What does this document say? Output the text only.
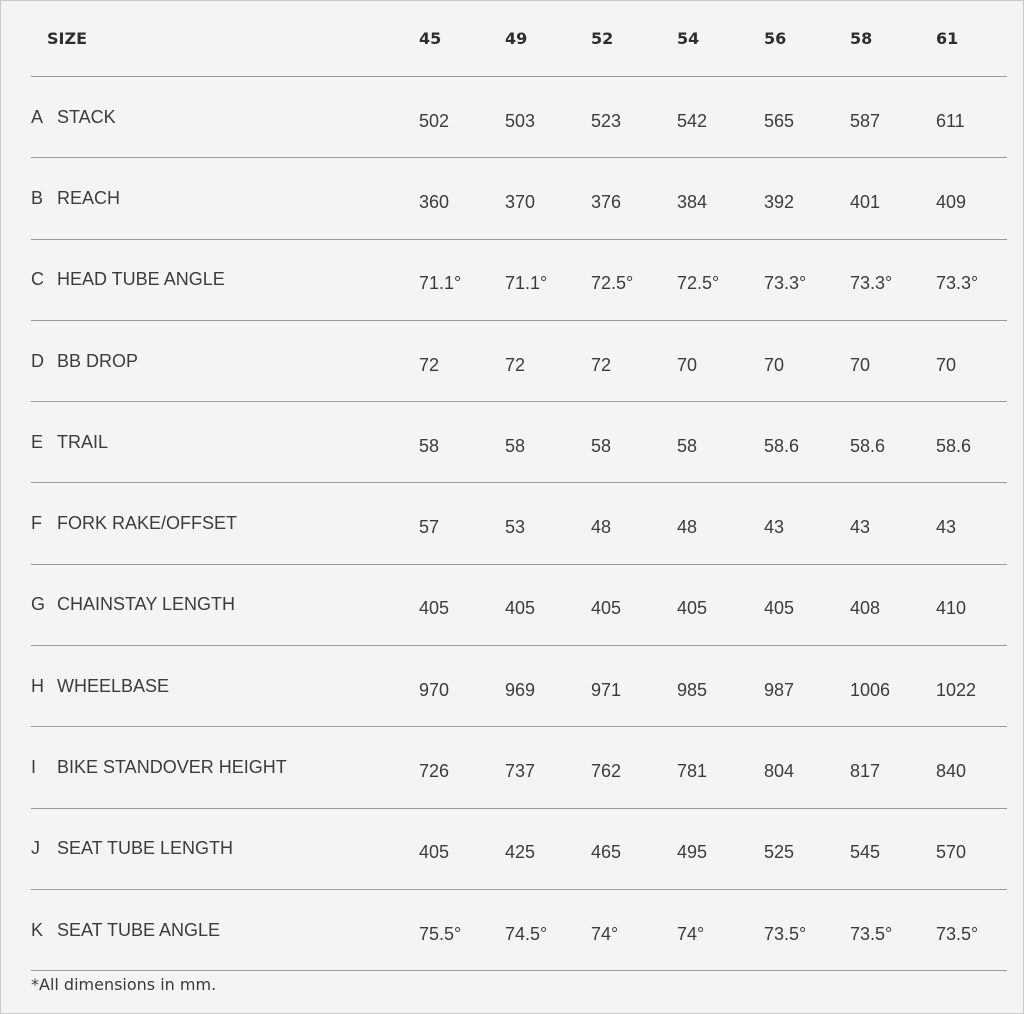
SIZE	45	49	52	54	56	58	61
A STACK	502	503	523	542	565	587	611
B REACH	360	370	376	384	392	401	409
C HEAD TUBE ANGLE	71.1° 71.1° 72.5° 72.5° 73.3° 73.3° 73.3°
D BB DROP	72	72	72	70	70	70	70
E TRAIL	58	58	58	58	58.6	58.6	58.6
F FORK RAKE/OFFSET	57	53	48	48	43	43	43
G CHAINSTAY LENGTH	405	405	405	405	405	408	410
H WHEELBASE	970	969	971	985	987	1006	1022
I	BIKE STANDOVER HEIGHT	726	737	762	781	804	817	840
J SEAT TUBE LENGTH	405	425	465	495	525	545	570
K SEAT TUBE ANGLE	75.5° 74.5° 74°	74°	73.5° 73.5° 73.5°
*All dimensions in mm.
